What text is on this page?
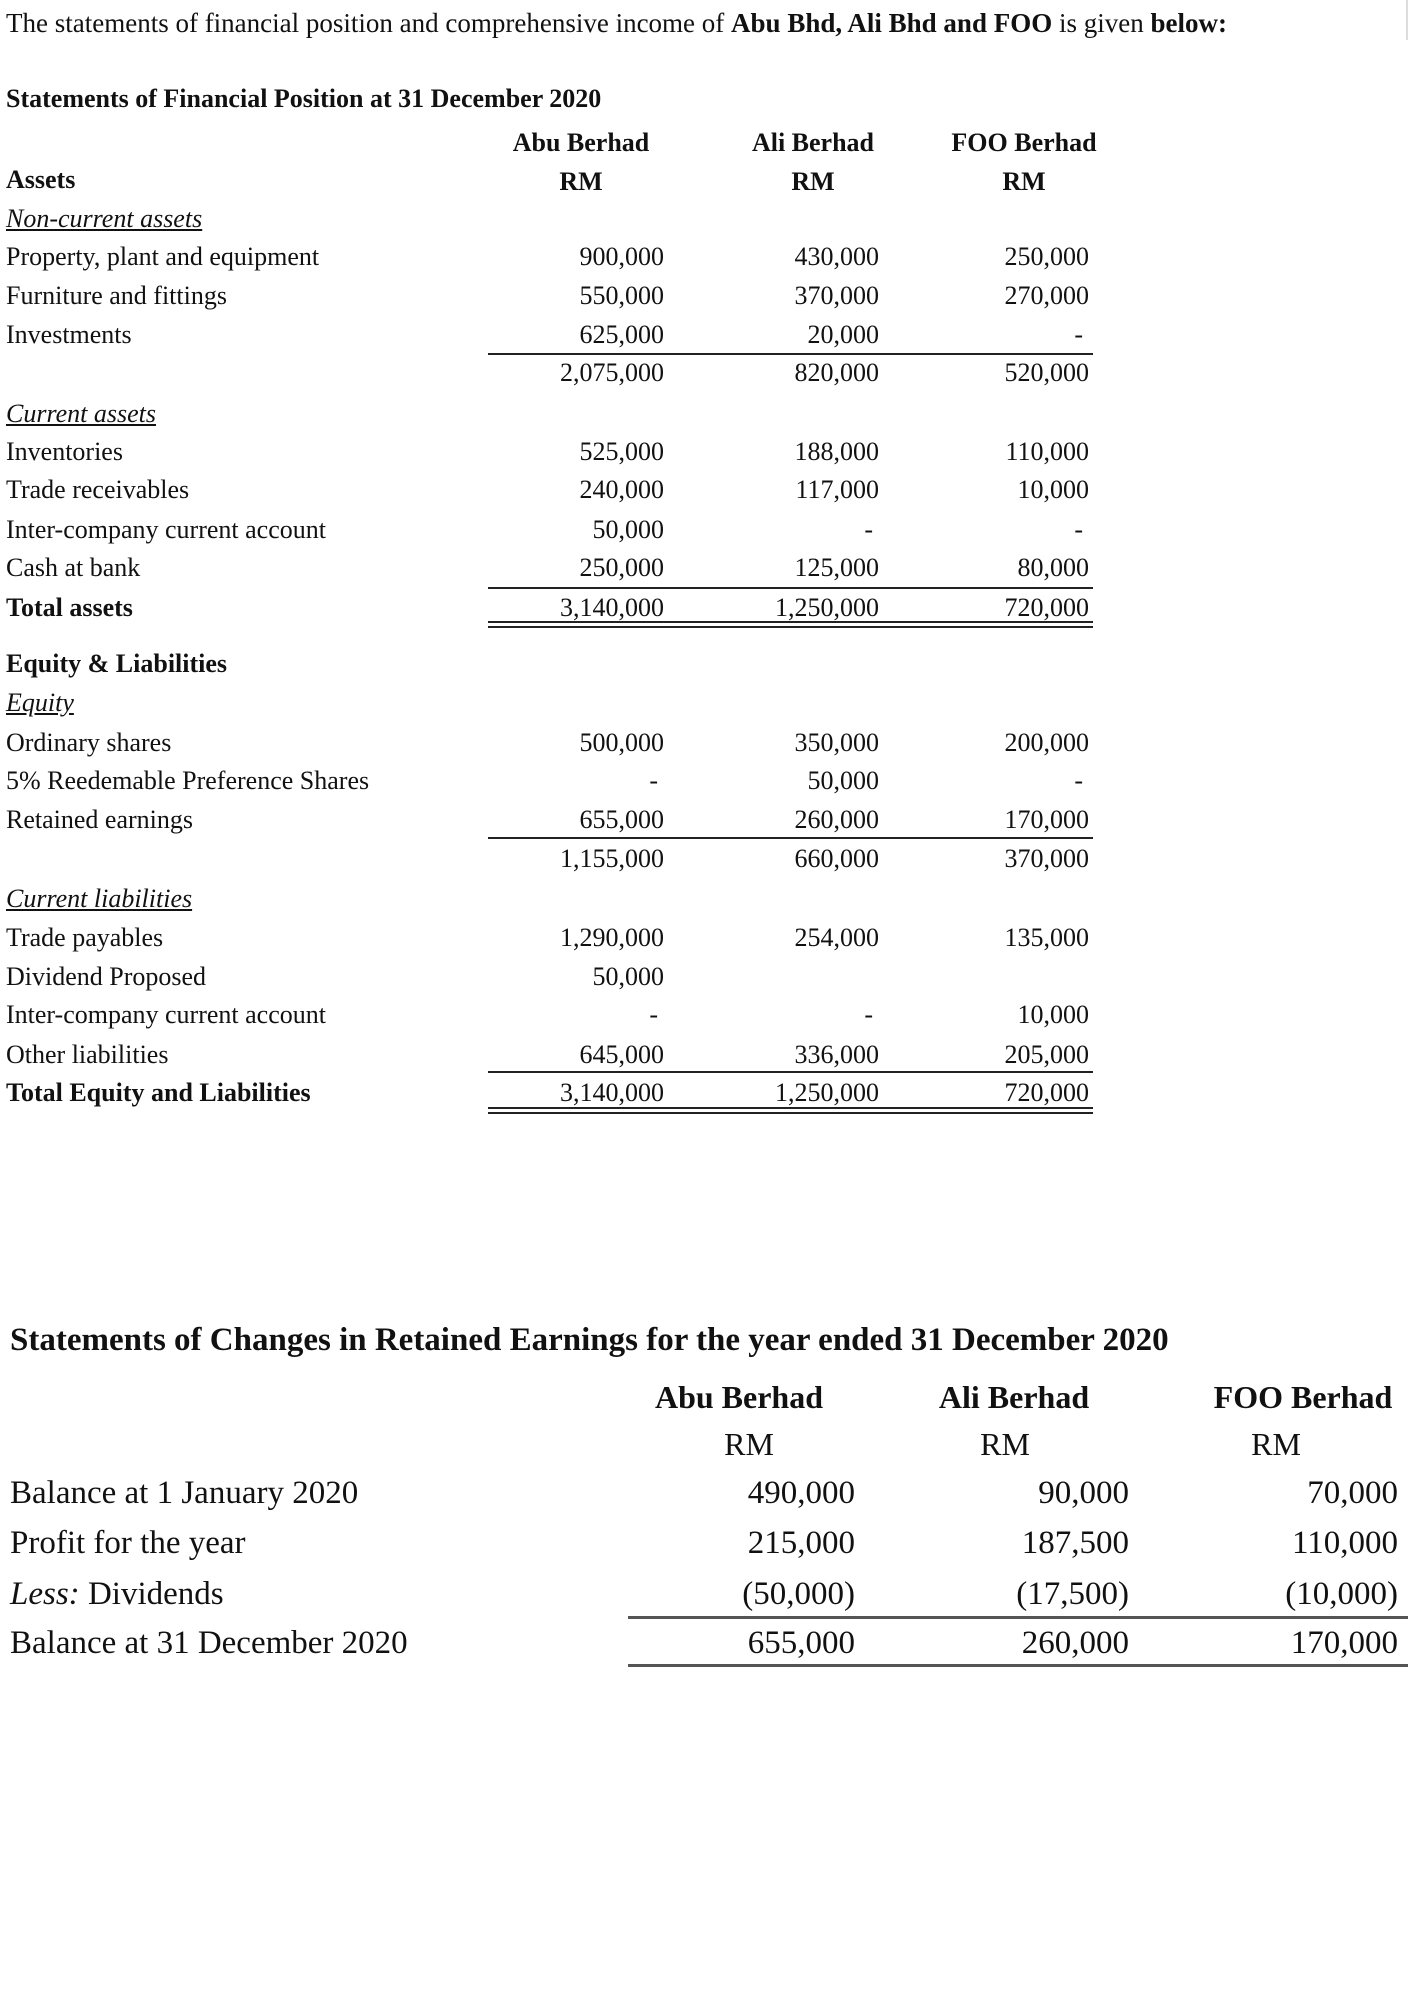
The statements of financial position and comprehensive income of Abu Bhd, Ali Bhd and FOO is given below:
Statements of Financial Position at 31 December 2020
Abu Berhad	Ali Berhad	FOO Berhad
RM	RM	RM
Assets
Non-current assets
Property, plant and equipment	900,000	430,000	250,000
Furniture and fittings	550,000	370,000	270,000
Investments	625,000	20,000	-
2,075,000	820,000	520,000
Current assets
Inventories	525,000	188,000	110,000
Trade receivables	240,000	117,000	10,000
Inter-company current account	50,000	-	-
Cash at bank	250,000	125,000	80,000
Total assets	3,140,000	1,250,000	720,000
Equity & Liabilities
Equity
Ordinary shares	500,000	350,000	200,000
5% Reedemable Preference Shares	-	50,000	-
Retained earnings	655,000	260,000	170,000
1,155,000	660,000	370,000
Current liabilities
Trade payables	1,290,000	254,000	135,000
Dividend Proposed	50,000
Inter-company current account	-	-	10,000
Other liabilities	645,000	336,000	205,000
Total Equity and Liabilities	3,140,000	1,250,000	720,000
Statements of Changes in Retained Earnings for the year ended 31 December 2020
Abu Berhad	Ali Berhad	FOO Berhad
RM	RM	RM
Balance at 1 January 2020	490,000	90,000	70,000
Profit for the year	215,000	187,500	110,000
Less: Dividends	(50,000)	(17,500)	(10,000)
Balance at 31 December 2020	655,000	260,000	170,000
